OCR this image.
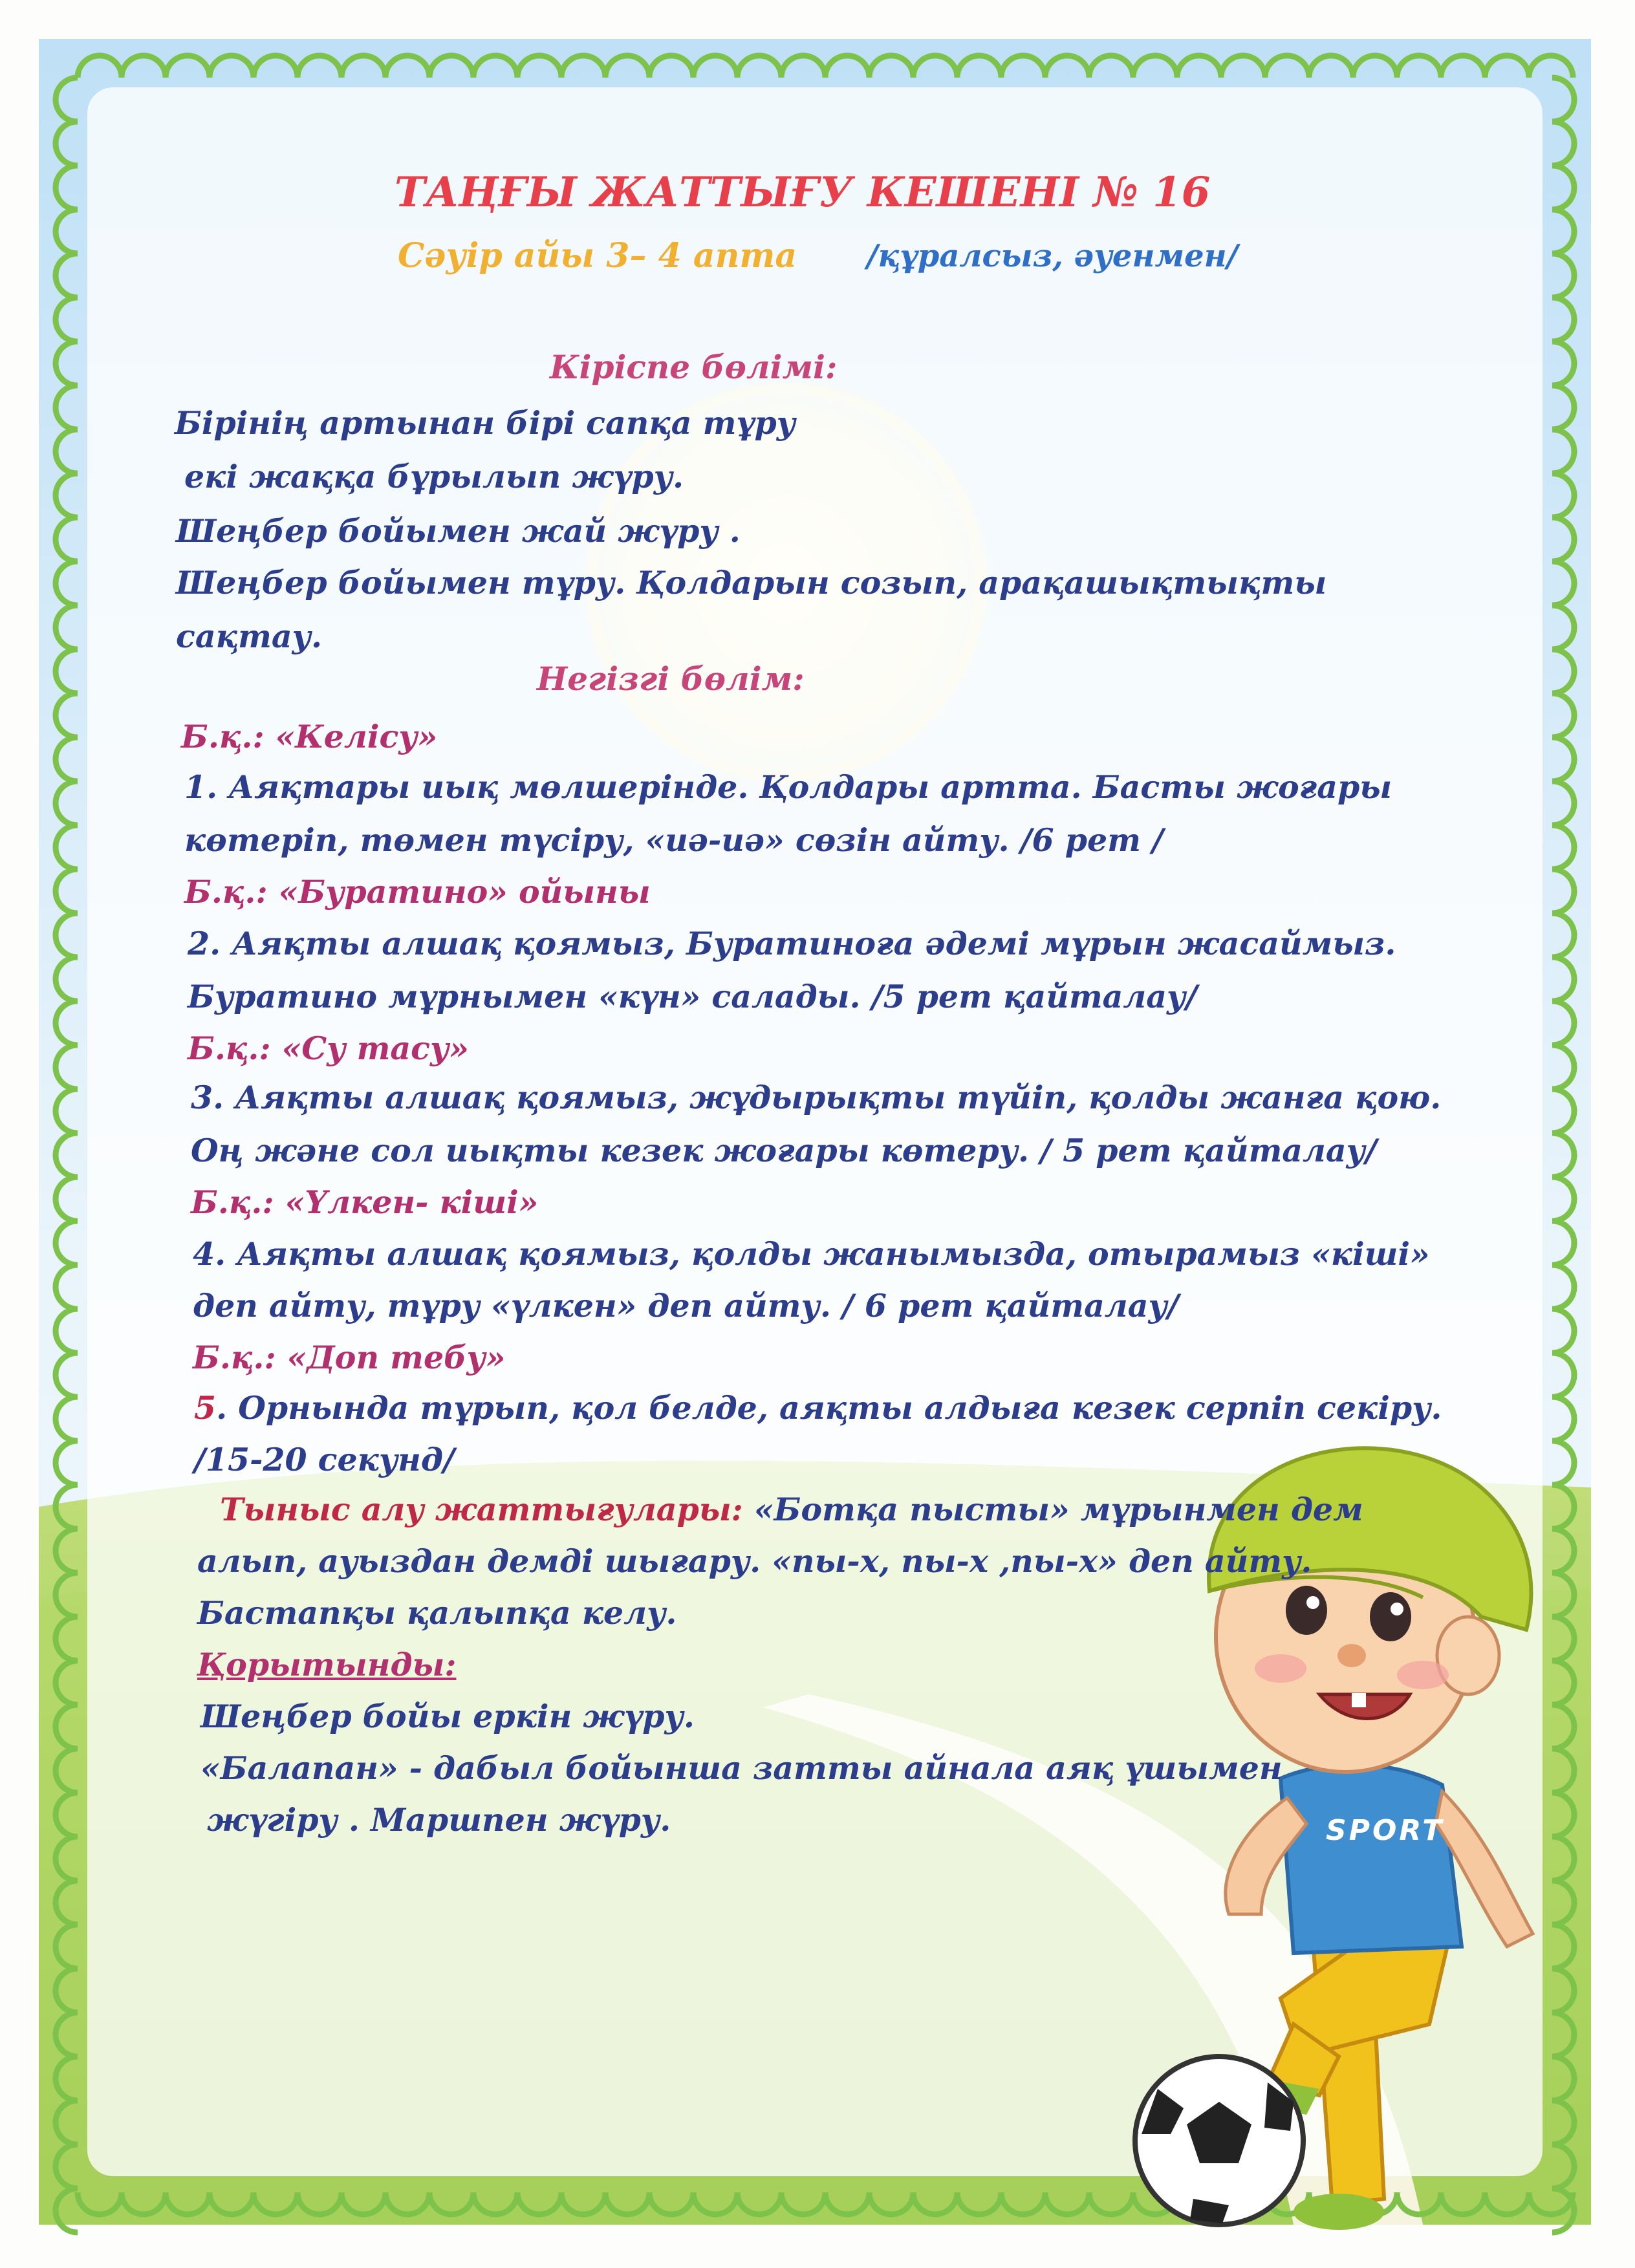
SPORT
ТАҢҒЫ ЖАТТЫҒУ КЕШЕНІ № 16
Сәуір айы 3– 4 апта /құралсыз, әуенмен/
Кіріспе бөлімі:
Бірінің артынан бірі сапқа тұру
екі жаққа бұрылып жүру.
Шеңбер бойымен жай жүру .
Шеңбер бойымен тұру. Қолдарын созып, арақашықтықты
сақтау.
Негізгі бөлім:
Б.қ.: «Келісу»
1. Аяқтары иық мөлшерінде. Қолдары артта. Басты жоғары
көтеріп, төмен түсіру, «иә-иә» сөзін айту. /6 рет /
Б.қ.: «Буратино» ойыны
2. Аяқты алшақ қоямыз, Буратиноға әдемі мұрын жасаймыз.
Буратино мұрнымен «күн» салады. /5 рет қайталау/
Б.қ.: «Су тасу»
3. Аяқты алшақ қоямыз, жұдырықты түйіп, қолды жанға қою.
Оң және сол иықты кезек жоғары көтеру. / 5 рет қайталау/
Б.қ.: «Үлкен- кіші»
4. Аяқты алшақ қоямыз, қолды жанымызда, отырамыз «кіші»
деп айту, тұру «үлкен» деп айту. / 6 рет қайталау/
Б.қ.: «Доп тебу»
5. Орнында тұрып, қол белде, аяқты алдыға кезек серпіп секіру.
/15-20 секунд/
Тыныс алу жаттығулары: «Ботқа пысты» мұрынмен дем
алып, ауыздан демді шығару. «пы-х, пы-х ,пы-х» деп айту.
Бастапқы қалыпқа келу.
Қорытынды:
Шеңбер бойы еркін жүру.
«Балапан» - дабыл бойынша затты айнала аяқ ұшымен
жүгіру . Маршпен жүру.
